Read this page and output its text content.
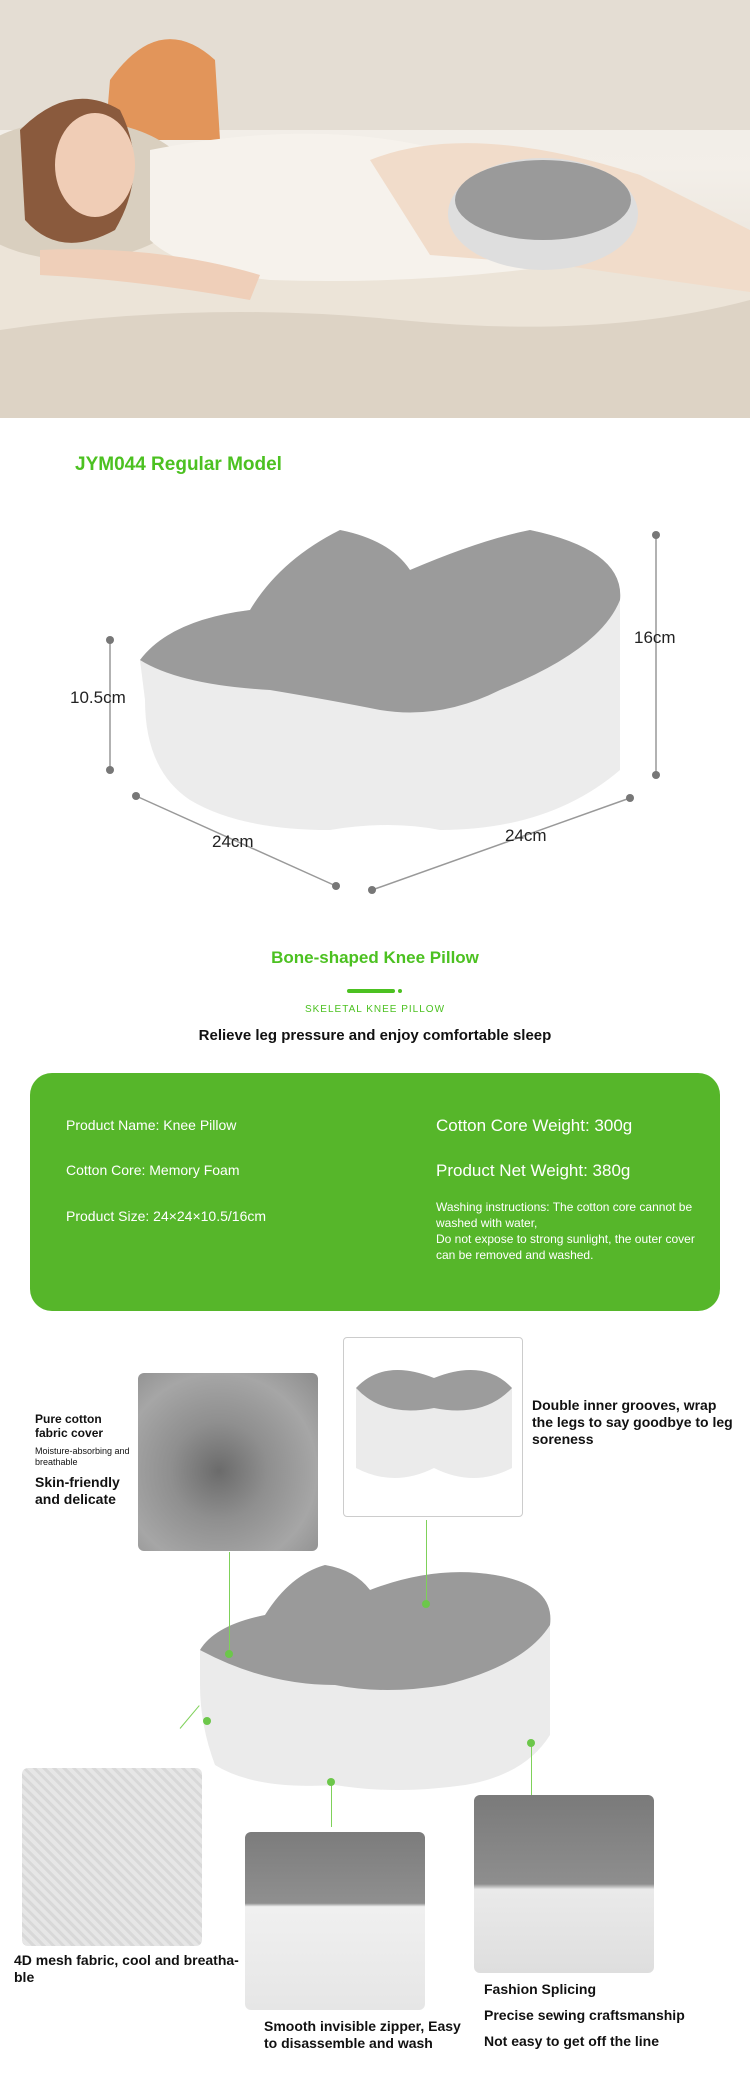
JYM044 Regular Model
10.5cm
16cm
24cm	24cm
Bone-shaped Knee Pillow
SKELETAL KNEE PILLOW
Relieve leg pressure and enjoy comfortable sleep
Product Name: Knee Pillow
Cotton Core: Memory Foam
Product Size: 24×24×10.5/16cm
Cotton Core Weight: 300g
Product Net Weight: 380g
Washing instructions: The cotton core cannot be washed with water,
Do not expose to strong sunlight, the outer cover can be removed and washed.
Pure cotton fabric cover
Moisture-absorbing and breathable
Skin-friendly and delicate
Double inner grooves, wrap the legs to say goodbye to leg soreness
4D mesh fabric, cool and breatha-ble
Smooth invisible zipper, Easy to disassemble and wash
Fashion Splicing
Precise sewing craftsmanship
Not easy to get off the line
